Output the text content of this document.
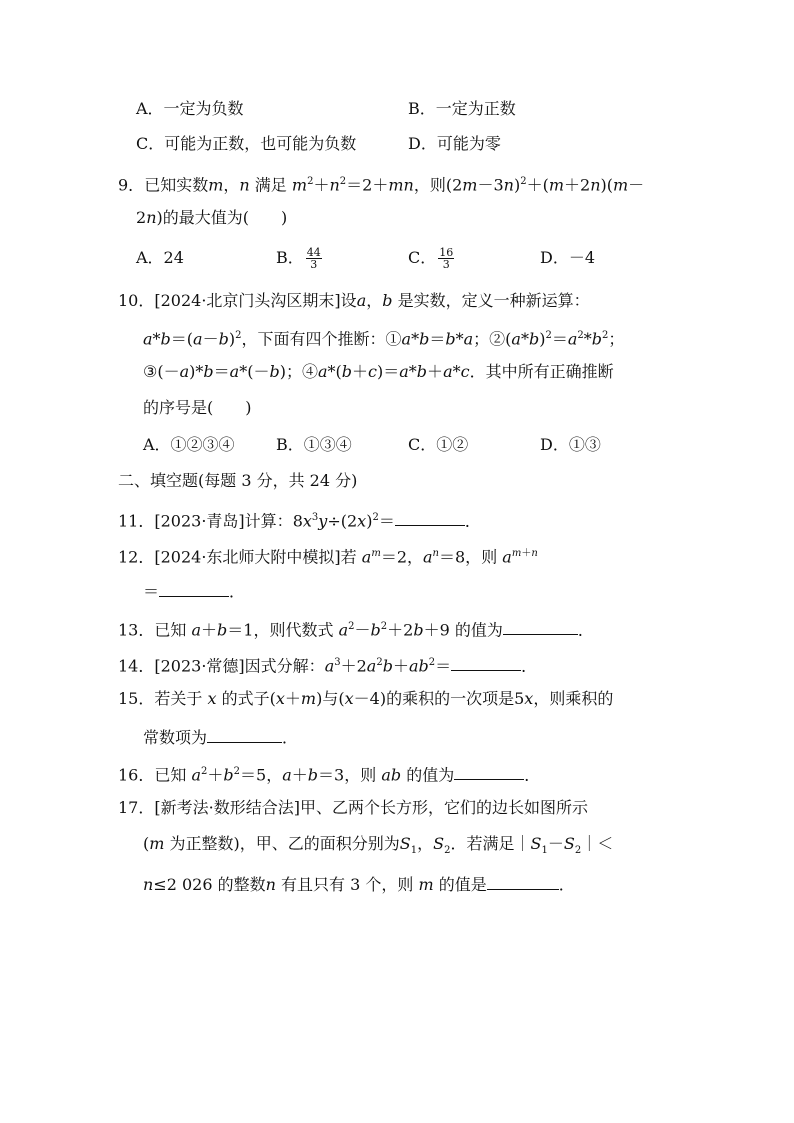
A．一定为负数	B．一定为正数
C．可能为正数，也可能为负数	D．可能为零
9．已知实数m，n 满足 $m^2+n^2=2+mn$，则$(2m-3n)^2+(m+2n)(m-$
2n)的最大值为(　　)
A．24	B． $\frac{44}{3}$	C． $\frac{16}{3}$	D．－4
10．[2024·北京门头沟区期末]设a，b 是实数，定义一种新运算：
$a*b=(a-b)^2$，下面有四个推断：①a*b＝b*a；$②(a*b)^2=a^2*b^2$；
③(－a)*b＝a*(－b)；④a*(b＋c)＝a*b＋a*c．其中所有正确推断
的序号是(　　)
A．①②③④	B．①③④	C．①②	D．①③
二、填空题(每题 3 分，共 24 分)
11．[2023·青岛]计算：$8x^3y\div(2x)^2=$	．
12．[2024·东北师大附中模拟]若 $a^m=2$，$a^n=8$，则 $a^{m+n}$
＝	．
13．已知 a＋b＝1，则代数式 $a^2-b^2+2b+9$ 的值为	．
14．[2023·常德]因式分解：$a^3+2a^2b+ab^2=$	．
15．若关于 x 的式子(x＋m)与(x－4)的乘积的一次项是5x，则乘积的
常数项为	．
16．已知 $a^2+b^2=5$，a＋b＝3，则 ab 的值为	．
17．[新考法·数形结合法]甲、乙两个长方形，它们的边长如图所示
(m 为正整数)，甲、乙的面积分别为$S_1$，$S_2$．若满足$|S_1-S_2|<$
n≤2 026 的整数n 有且只有 3 个，则 m 的值是	．
